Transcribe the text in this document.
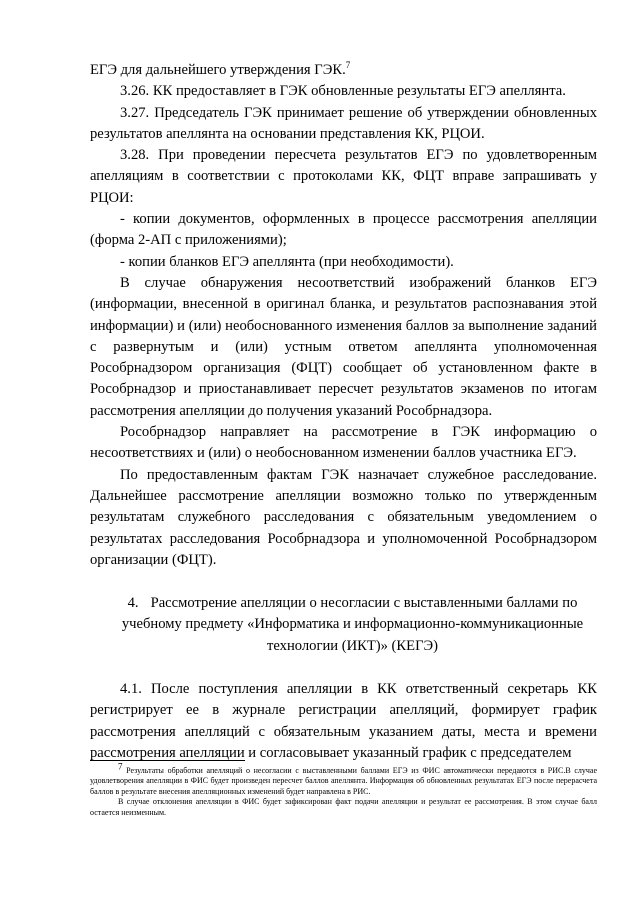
ЕГЭ для дальнейшего утверждения ГЭК.$^7$

3.26. КК предоставляет в ГЭК обновленные результаты ЕГЭ апеллянта.

3.27. Председатель ГЭК принимает решение об утверждении обновленных результатов апеллянта на основании представления КК, РЦОИ.

3.28. При проведении пересчета результатов ЕГЭ по удовлетворенным апелляциям в соответствии с протоколами КК, ФЦТ вправе запрашивать у РЦОИ:

- копии документов, оформленных в процессе рассмотрения апелляции (форма 2-АП с приложениями);

- копии бланков ЕГЭ апеллянта (при необходимости).

В случае обнаружения несоответствий изображений бланков ЕГЭ (информации, внесенной в оригинал бланка, и результатов распознавания этой информации) и (или) необоснованного изменения баллов за выполнение заданий с развернутым и (или) устным ответом апеллянта уполномоченная Рособрнадзором организация (ФЦТ) сообщает об установленном факте в Рособрнадзор и приостанавливает пересчет результатов экзаменов по итогам рассмотрения апелляции до получения указаний Рособрнадзора.

Рособрнадзор направляет на рассмотрение в ГЭК информацию о несоответствиях и (или) о необоснованном изменении баллов участника ЕГЭ.

По предоставленным фактам ГЭК назначает служебное расследование. Дальнейшее рассмотрение апелляции возможно только по утвержденным результатам служебного расследования с обязательным уведомлением о результатах расследования Рособрнадзора и уполномоченной Рособрнадзором организации (ФЦТ).

4. Рассмотрение апелляции о несогласии с выставленными баллами по учебному предмету «Информатика и информационно-коммуникационные технологии (ИКТ)» (КЕГЭ)

4.1. После поступления апелляции в КК ответственный секретарь КК регистрирует ее в журнале регистрации апелляций, формирует график рассмотрения апелляций с обязательным указанием даты, места и времени рассмотрения апелляции и согласовывает указанный график с председателем

$^7$ Результаты обработки апелляций о несогласии с выставленными баллами ЕГЭ из ФИС автоматически передаются в РИС.В случае удовлетворения апелляции в ФИС будет произведен пересчет баллов апеллянта. Информация об обновленных результатах ЕГЭ после перерасчета баллов в результате внесения апелляционных изменений будет направлена в РИС.

В случае отклонения апелляции в ФИС будет зафиксирован факт подачи апелляции и результат ее рассмотрения. В этом случае балл остается неизменным.
